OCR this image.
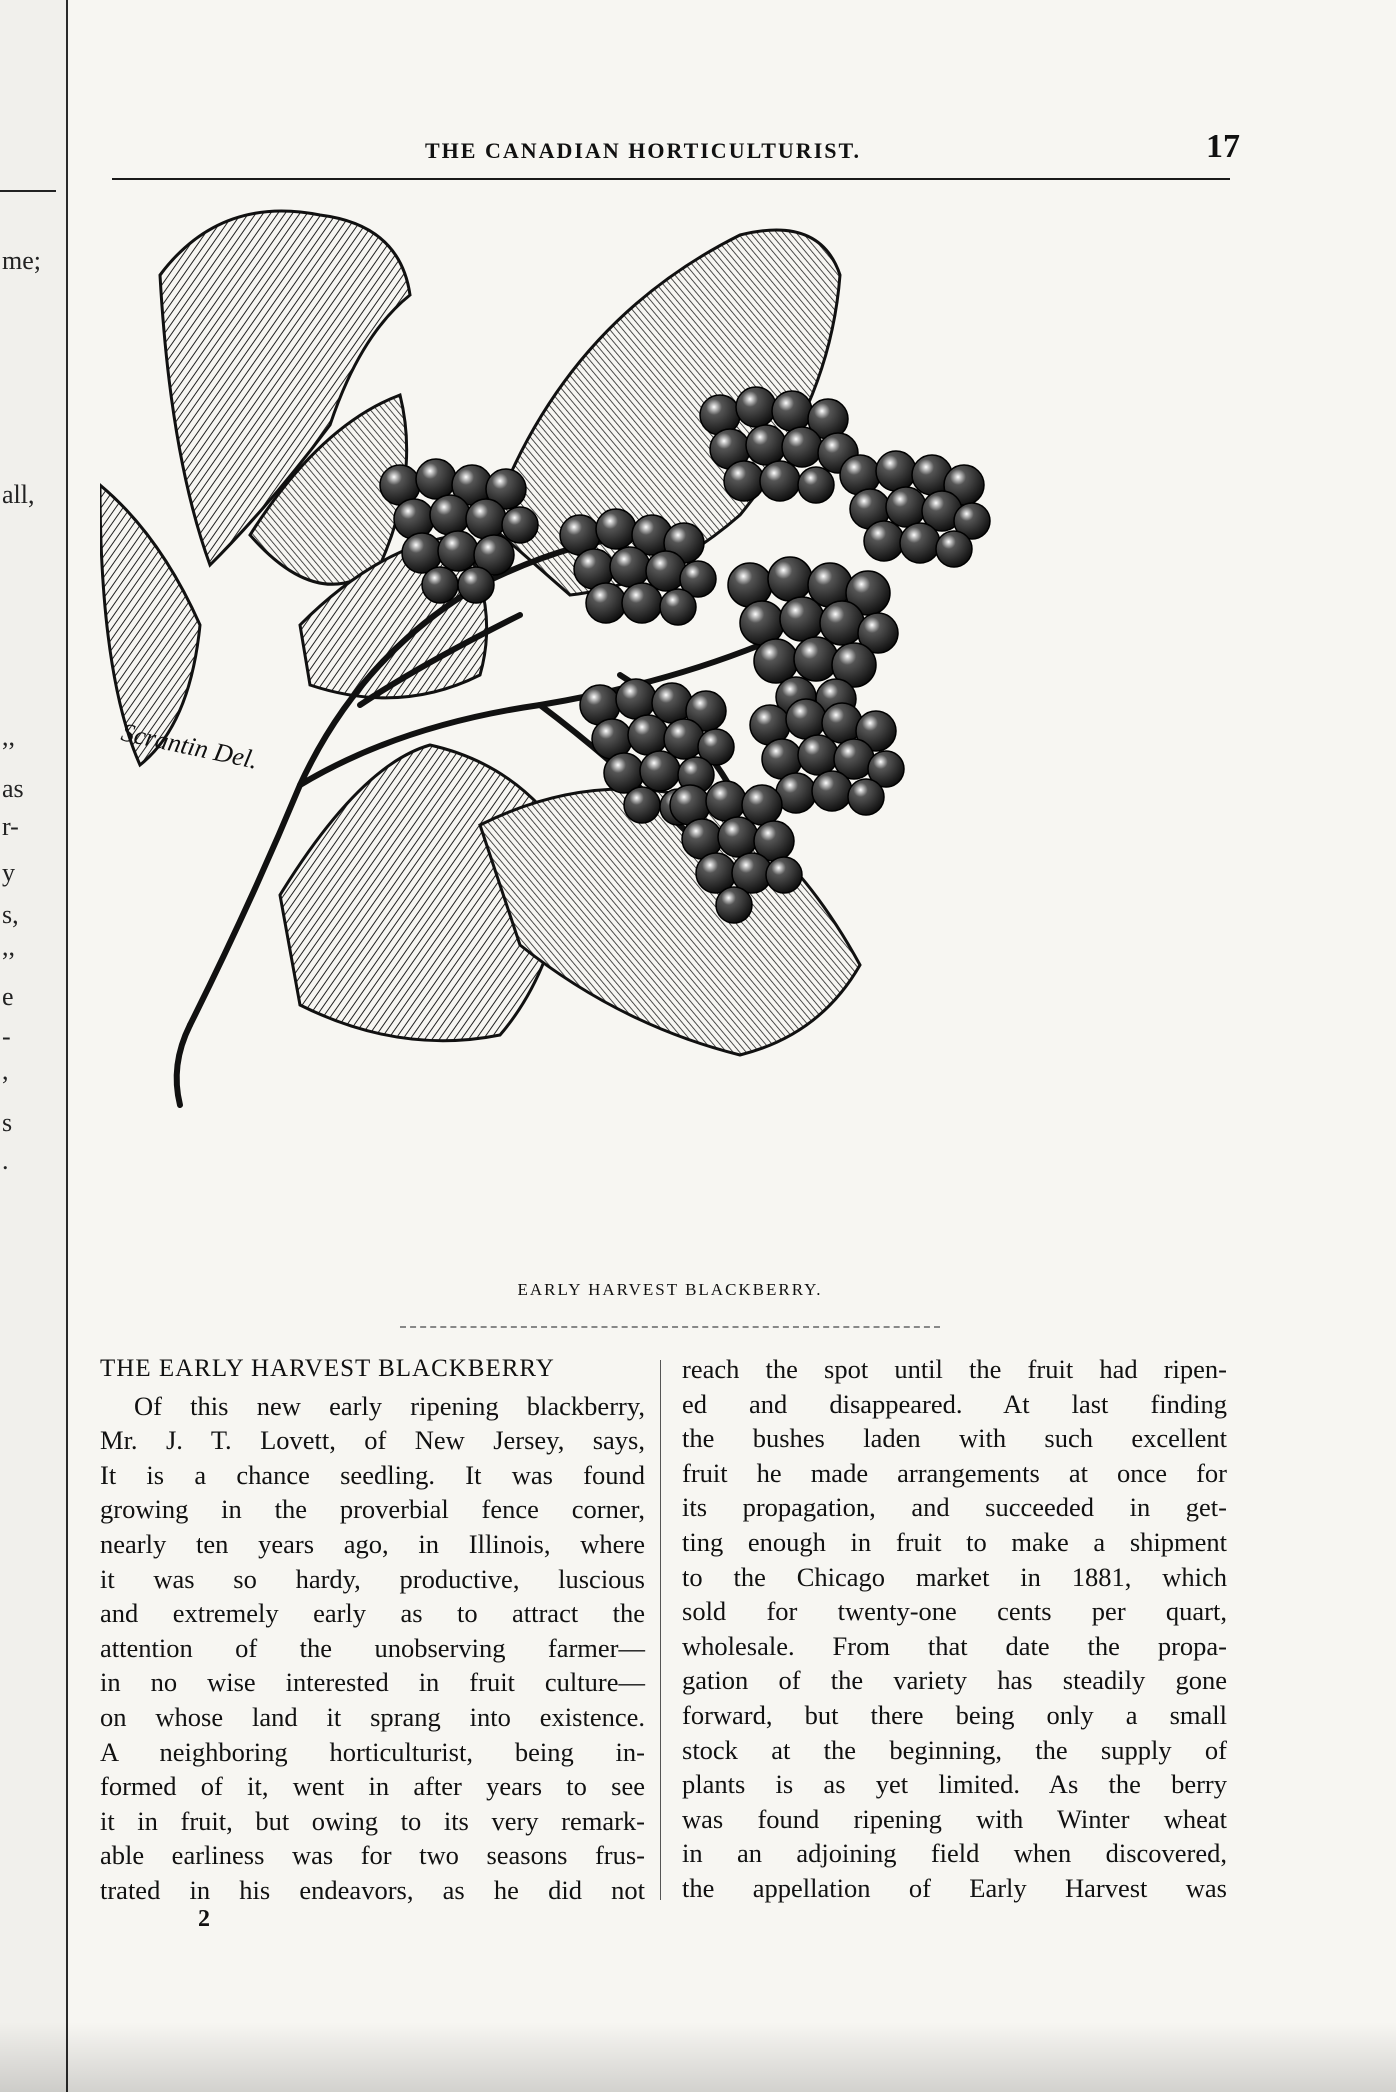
me;
all,
,,
as
r-
y
s,
,,
e
-
,
s
.
THE CANADIAN HORTICULTURIST.	17
Scrantin Del.
EARLY HARVEST BLACKBERRY.
THE EARLY HARVEST BLACKBERRY
Of this new early ripening blackberry,
Mr. J. T. Lovett, of New Jersey, says,
It is a chance seedling. It was found
growing in the proverbial fence corner,
nearly ten years ago, in Illinois, where
it was so hardy, productive, luscious
and extremely early as to attract the
attention of the unobserving farmer—
in no wise interested in fruit culture—
on whose land it sprang into existence.
A neighboring horticulturist, being in-
formed of it, went in after years to see
it in fruit, but owing to its very remark-
able earliness was for two seasons frus-
trated in his endeavors, as he did not
reach the spot until the fruit had ripen-
ed and disappeared. At last finding
the bushes laden with such excellent
fruit he made arrangements at once for
its propagation, and succeeded in get-
ting enough in fruit to make a shipment
to the Chicago market in 1881, which
sold for twenty-one cents per quart,
wholesale. From that date the propa-
gation of the variety has steadily gone
forward, but there being only a small
stock at the beginning, the supply of
plants is as yet limited. As the berry
was found ripening with Winter wheat
in an adjoining field when discovered,
the appellation of Early Harvest was
2
